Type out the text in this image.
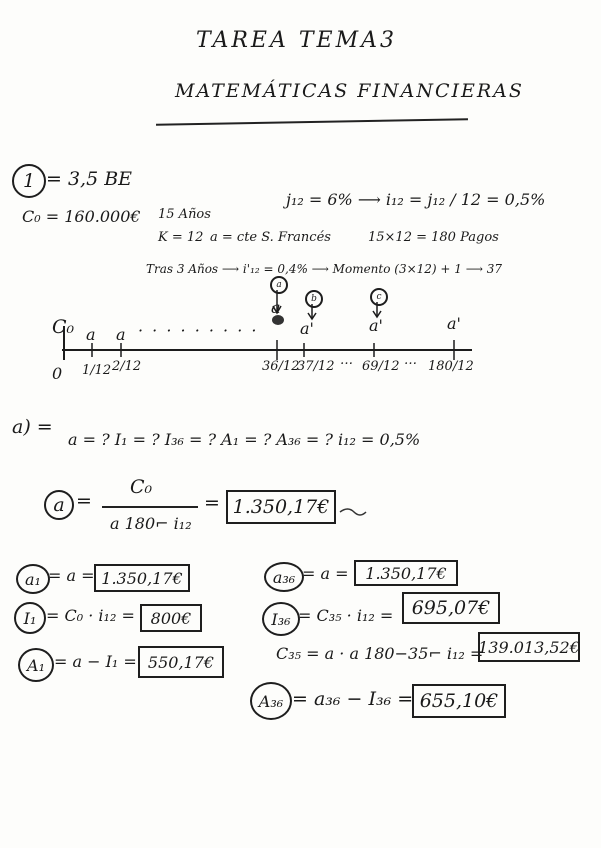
TAREA TEMA3
MATEMÁTICAS FINANCIERAS
1 = 3,5 BE
C₀ = 160.000€ 15 Años
j₁₂ = 6% ⟶ i₁₂ = j₁₂ / 12 = 0,5%
K = 12 a = cte S. Francés	15×12 = 180 Pagos
Tras 3 Años ⟶ i'₁₂ = 0,4% ⟶ Momento (3×12) + 1 ⟶ 37
C₀ a a · · · · · · · · ·
a
a'	a'	a'
a
b	c
0 1/12 2/12	36/12
37/12 … 69/12 … 180/12
a) =
a = ? I₁ = ? I₃₆ = ? A₁ = ? A₃₆ = ? i₁₂ = 0,5%
a =
C₀
a 180⌐ i₁₂
= 1.350,17€
a₁ = a = 1.350,17€
I₁ = C₀ · i₁₂ = 800€
A₁ = a − I₁ = 550,17€
a₃₆ = a = 1.350,17€
I₃₆ = C₃₅ · i₁₂ = 695,07€
C₃₅ = a · a 180−35⌐ i₁₂ =
139.013,52€
A₃₆ = a₃₆ − I₃₆ = 655,10€
